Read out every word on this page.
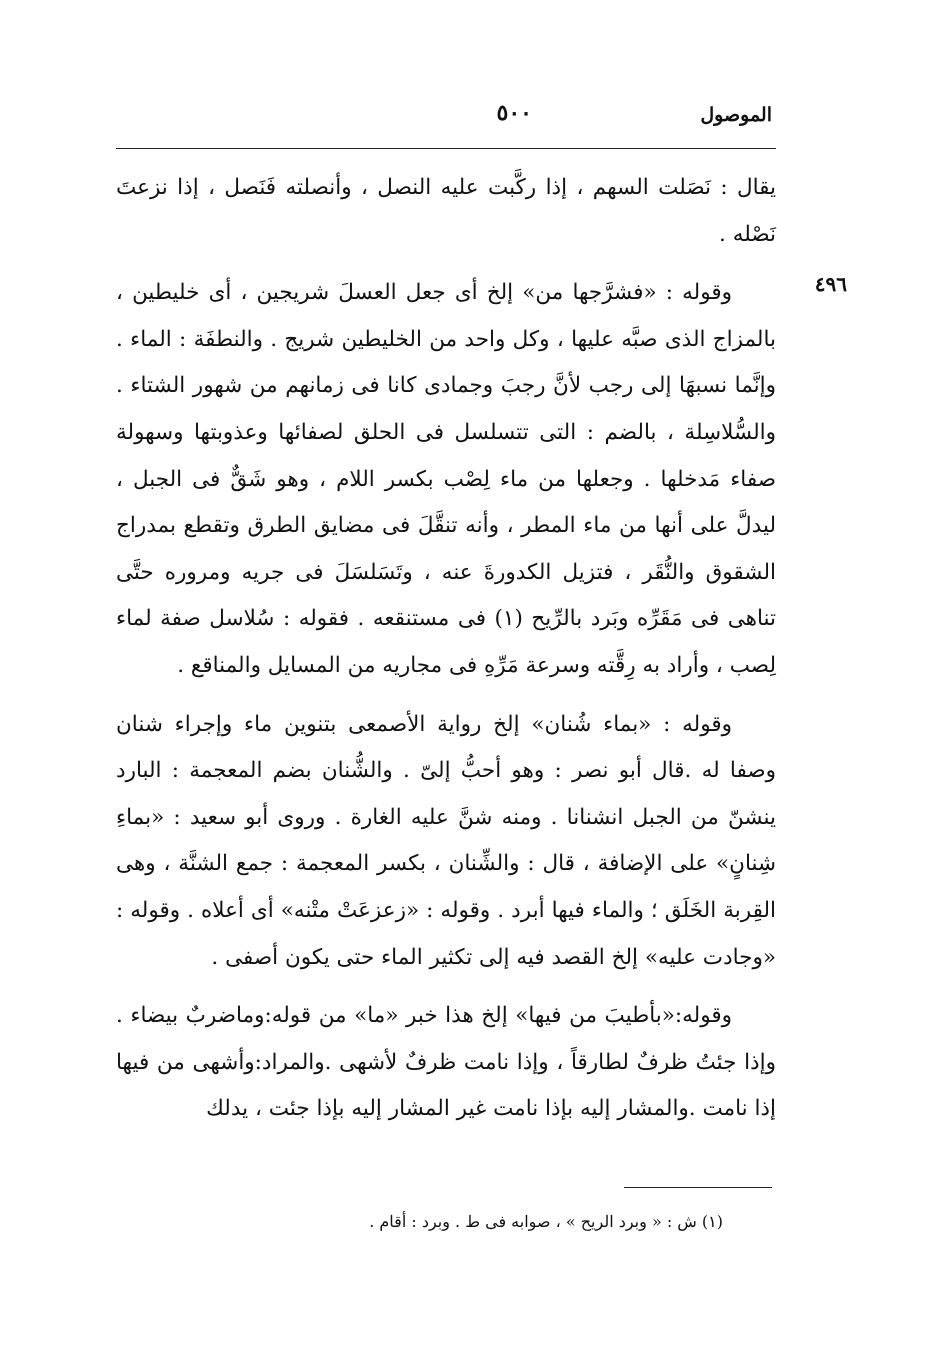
الموصول
٥٠٠
٤٩٦

يقال : نَصَلت السهم ، إذا ركَّبت عليه النصل ، وأنصلته فَنَصل ، إذا نزعتَ نَصْله .

وقوله : «فشرَّجها من» إلخ أى جعل العسلَ شريجين ، أى خليطين ، بالمزاج الذى صبَّه عليها ، وكل واحد من الخليطين شريج . والنطفَة : الماء . وإنَّما نسبهَا إلى رجب لأنَّ رجبَ وجمادى كانا فى زمانهم من شهور الشتاء . والسُّلاسِلة ، بالضم : التى تتسلسل فى الحلق لصفائها وعذوبتها وسهولة صفاء مَدخلها . وجعلها من ماء لِصْب بكسر اللام ، وهو شَقٌّ فى الجبل ، ليدلَّ على أنها من ماء المطر ، وأنه تنقَّلَ فى مضايق الطرق وتقطع بمدراج الشقوق والنُّقَر ، فتزيل الكدورةَ عنه ، وتَسَلسَلَ فى جريه ومروره حتَّى تناهى فى مَقَرِّه وبَرد بالرِّيح (١) فى مستنقعه . فقوله : سُلاسل صفة لماء لِصب ، وأراد به رِقَّته وسرعة مَرِّهِ فى مجاريه من المسايل والمناقع .

وقوله : «بماء شُنان» إلخ رواية الأصمعى بتنوين ماء وإجراء شنان وصفا له .قال أبو نصر : وهو أحبُّ إلىّ . والشُّنان بضم المعجمة : البارد ينشنّ من الجبل انشنانا . ومنه شنَّ عليه الغارة . وروى أبو سعيد : «بماءِ شِنانٍ» على الإضافة ، قال : والشِّنان ، بكسر المعجمة : جمع الشنَّة ، وهى القِربة الخَلَق ؛ والماء فيها أبرد . وقوله : «زعزعَتْ متْنه» أى أعلاه . وقوله : «وجادت عليه» إلخ القصد فيه إلى تكثير الماء حتى يكون أصفى .

وقوله:«بأطيبَ من فيها» إلخ هذا خبر «ما» من قوله:وماضربٌ بيضاء . وإذا جئتُ ظرفٌ لطارقاً ، وإذا نامت ظرفٌ لأشهى .والمراد:وأشهى من فيها إذا نامت .والمشار إليه بإذا نامت غير المشار إليه بإذا جئت ، يدلك

(١) ش : « وبرد الريح » ، صوابه فى ط . وبرد : أقام .
